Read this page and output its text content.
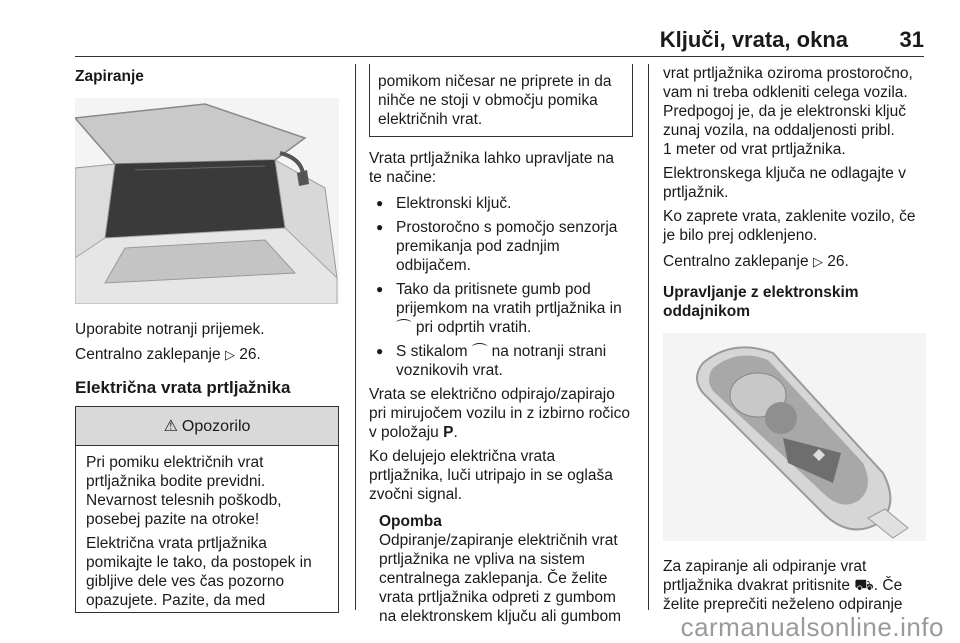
Ključi, vrata, okna 31

Zapiranje

Uporabite notranji prijemek.

Centralno zaklepanje ▷ 26.

Električna vrata prtljažnika

⚠ Opozorilo

Pri pomiku električnih vrat

prtljažnika bodite previdni.

Nevarnost telesnih poškodb,

posebej pazite na otroke!

Električna vrata prtljažnika

pomikajte le tako, da postopek in

gibljive dele ves čas pozorno

opazujete. Pazite, da med

pomikom ničesar ne priprete in da

nihče ne stoji v območju pomika

električnih vrat.

Vrata prtljažnika lahko upravljate na

te načine:

● Elektronski ključ.

● Prostoročno s pomočjo senzorja

premikanja pod zadnjim

odbijačem.

● Tako da pritisnete gumb pod

prijemkom na vratih prtljažnika in

⌒ pri odprtih vratih.

● S stikalom ⌒ na notranji strani

voznikovih vrat.

Vrata se električno odpirajo/zapirajo

pri mirujočem vozilu in z izbirno ročico

v položaju P.

Ko delujejo električna vrata

prtljažnika, luči utripajo in se oglaša

zvočni signal.

Opomba

Odpiranje/zapiranje električnih vrat

prtljažnika ne vpliva na sistem

centralnega zaklepanja. Če želite

vrata prtljažnika odpreti z gumbom

na elektronskem ključu ali gumbom

vrat prtljažnika oziroma prostoročno,

vam ni treba odkleniti celega vozila.

Predpogoj je, da je elektronski ključ

zunaj vozila, na oddaljenosti pribl.

1 meter od vrat prtljažnika.

Elektronskega ključa ne odlagajte v

prtljažnik.

Ko zaprete vrata, zaklenite vozilo, če

je bilo prej odklenjeno.

Centralno zaklepanje ▷ 26.

Upravljanje z elektronskim

oddajnikom

Za zapiranje ali odpiranje vrat

prtljažnika dvakrat pritisnite ⛟. Če

želite preprečiti neželeno odpiranje

carmanualsonline.info
